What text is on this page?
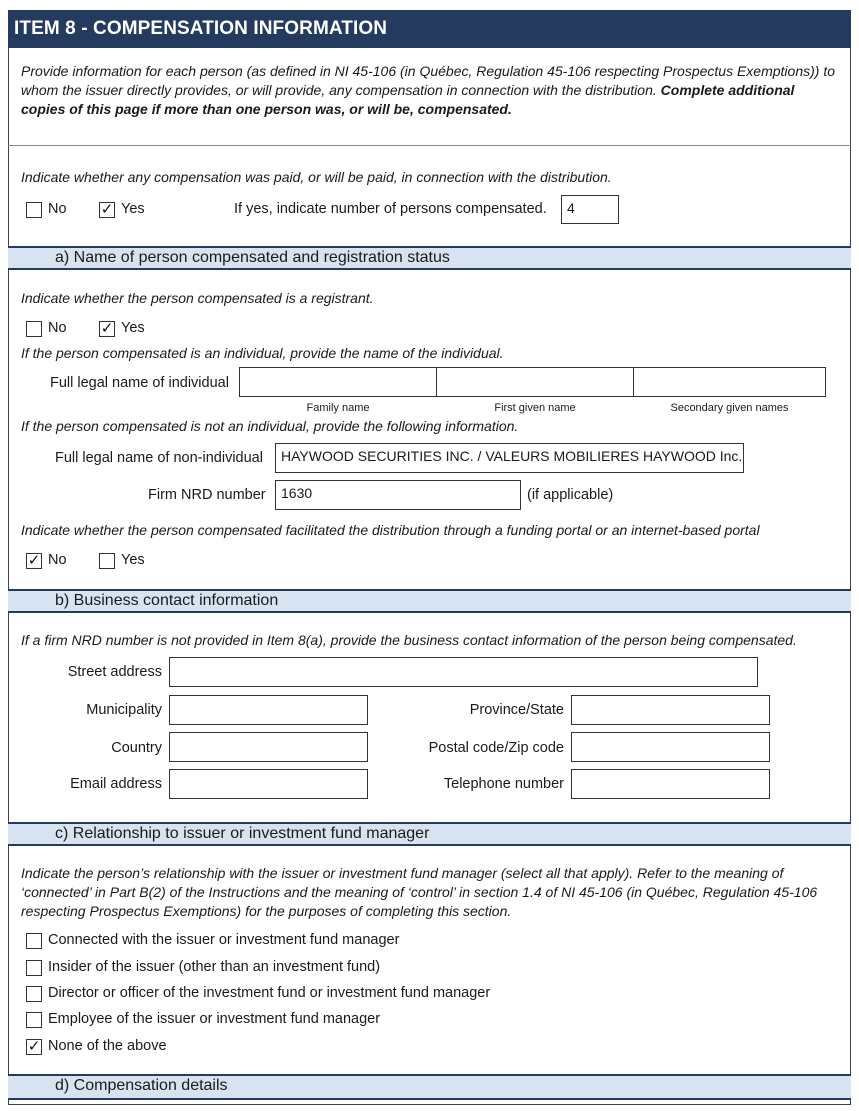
ITEM 8 - COMPENSATION INFORMATION
Provide information for each person (as defined in NI 45-106 (in Québec, Regulation 45-106 respecting Prospectus Exemptions)) to whom the issuer directly provides, or will provide, any compensation in connection with the distribution. Complete additional copies of this page if more than one person was, or will be, compensated.
Indicate whether any compensation was paid, or will be paid, in connection with the distribution.
No ✓ Yes	If yes, indicate number of persons compensated.	4
a) Name of person compensated and registration status
Indicate whether the person compensated is a registrant.
No ✓ Yes
If the person compensated is an individual, provide the name of the individual.
Full legal name of individual
Family name	First given name	Secondary given names
If the person compensated is not an individual, provide the following information.
Full legal name of non-individual	HAYWOOD SECURITIES INC. / VALEURS MOBILIERES HAYWOOD Inc.
Firm NRD number	1630	(if applicable)
Indicate whether the person compensated facilitated the distribution through a funding portal or an internet-based portal
✓ No	Yes
b) Business contact information
If a firm NRD number is not provided in Item 8(a), provide the business contact information of the person being compensated.
Street address
Municipality	Province/State
Country	Postal code/Zip code
Email address	Telephone number
c) Relationship to issuer or investment fund manager
Indicate the person’s relationship with the issuer or investment fund manager (select all that apply). Refer to the meaning of ‘connected’ in Part B(2) of the Instructions and the meaning of ‘control’ in section 1.4 of NI 45-106 (in Québec, Regulation 45-106 respecting Prospectus Exemptions) for the purposes of completing this section.
Connected with the issuer or investment fund manager
Insider of the issuer (other than an investment fund)
Director or officer of the investment fund or investment fund manager
Employee of the issuer or investment fund manager
✓ None of the above
d) Compensation details
